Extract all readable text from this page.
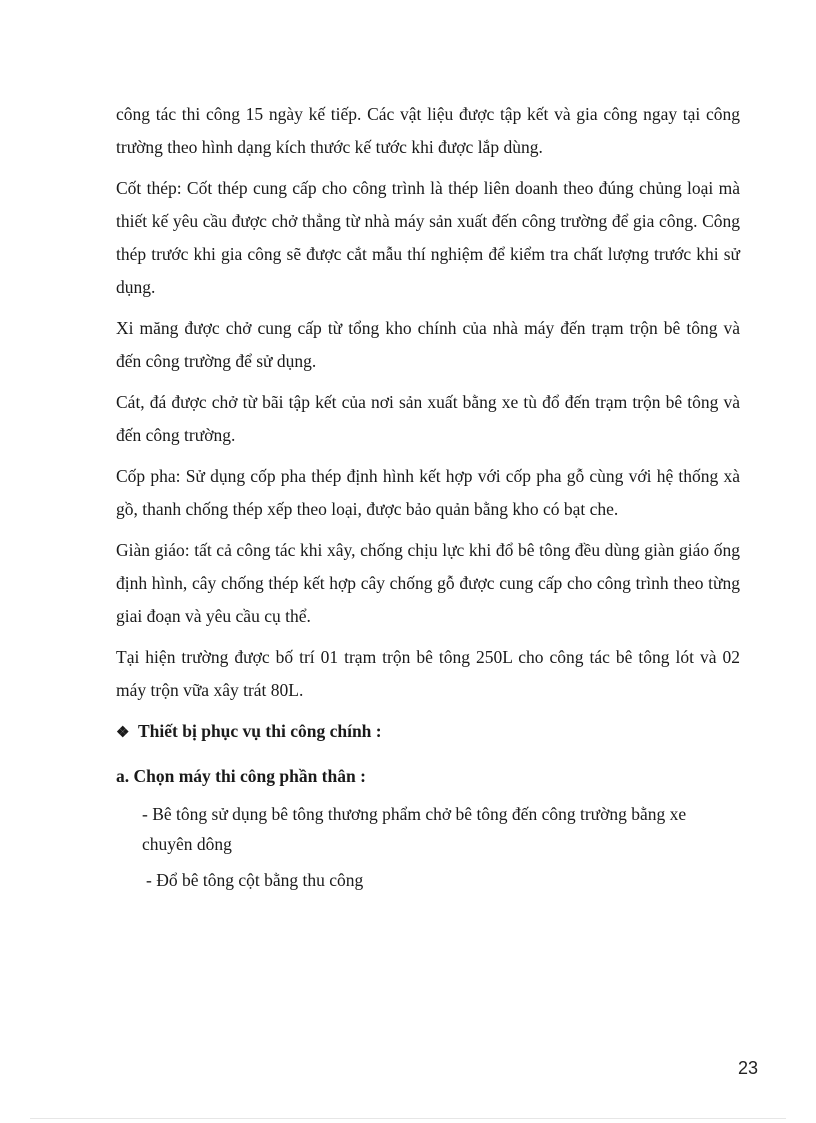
công tác thi công 15 ngày kế tiếp. Các vật liệu được tập kết và gia công ngay tại công trường theo hình dạng kích thước kế tước khi được lắp dùng.

Cốt thép: Cốt thép cung cấp cho công trình là thép liên doanh theo đúng chủng loại mà thiết kế yêu cầu được chở thẳng từ nhà máy sản xuất đến công trường để gia công. Công thép trước khi gia công sẽ được cắt mẫu thí nghiệm để kiểm tra chất lượng trước khi sử dụng.

Xi măng được chở cung cấp từ tổng kho chính của nhà máy đến trạm trộn bê tông và đến công trường để sử dụng.

Cát, đá được chở từ bãi tập kết của nơi sản xuất bằng xe tù đổ đến trạm trộn bê tông và đến công trường.

Cốp pha: Sử dụng cốp pha thép định hình kết hợp với cốp pha gỗ cùng với hệ thống xà gồ, thanh chống thép xếp theo loại, được bảo quản bằng kho có bạt che.

Giàn giáo: tất cả công tác khi xây, chống chịu lực khi đổ bê tông đều dùng giàn giáo ống định hình, cây chống thép kết hợp cây chống gỗ được cung cấp cho công trình theo từng giai đoạn và yêu cầu cụ thể.

Tại hiện trường được bố trí 01 trạm trộn bê tông 250L cho công tác bê tông lót và 02 máy trộn vữa xây trát 80L.

❖ Thiết bị phục vụ thi công chính :
a. Chọn máy thi công phần thân :
- Bê tông sử dụng bê tông thương phẩm chở bê tông đến công trường bằng xe chuyên dông
- Đổ bê tông cột bằng thu công
23
